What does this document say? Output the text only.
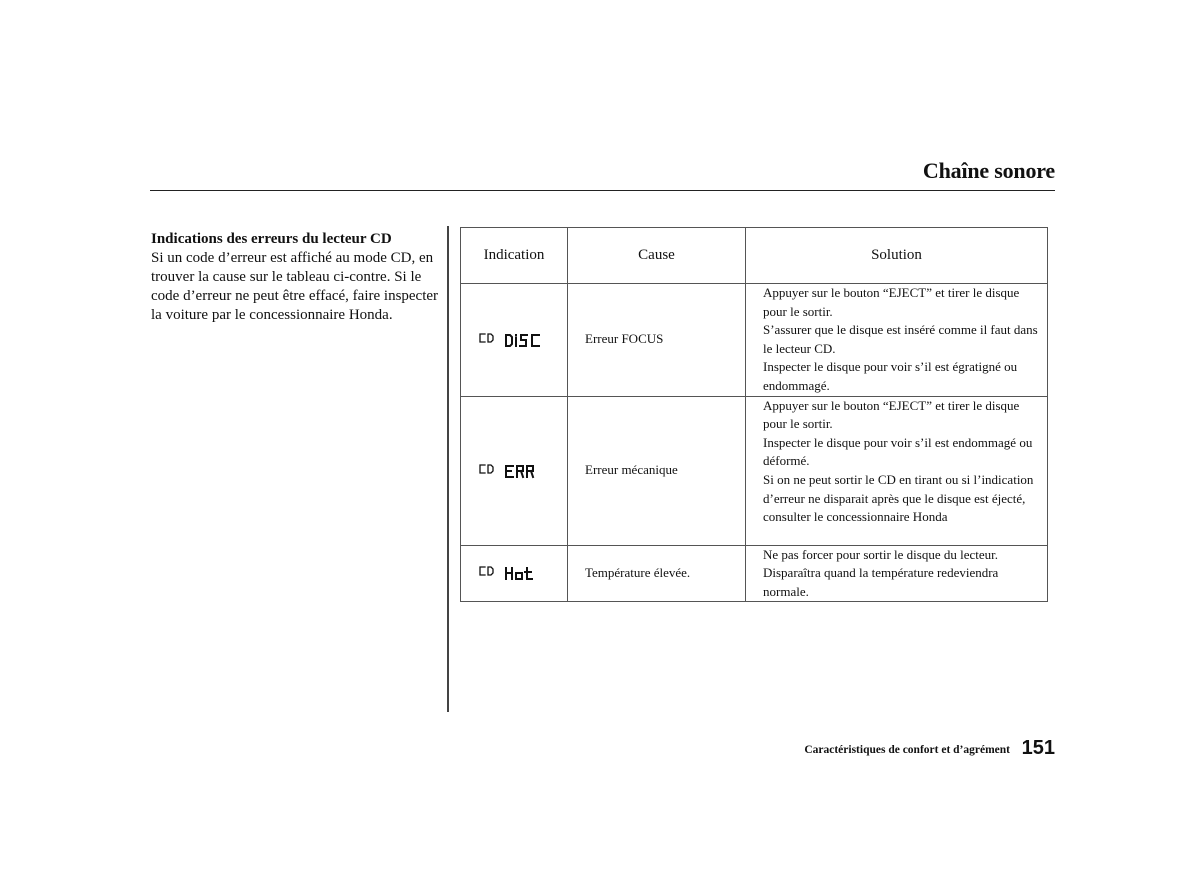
Chaîne sonore
Indications des erreurs du lecteur CD
Si un code d’erreur est affiché au mode CD, en trouver la cause sur le tableau ci-contre. Si le code d’erreur ne peut être effacé, faire inspecter la voiture par le concessionnaire Honda.
Indication	Cause	Solution

	Erreur FOCUS	Appuyer sur le bouton “EJECT” et tirer le disque pour le sortir.
S’assurer que le disque est inséré comme il faut dans le lecteur CD.
Inspecter le disque pour voir s’il est égratigné ou endommagé.

	Erreur mécanique	Appuyer sur le bouton “EJECT” et tirer le disque pour le sortir.
Inspecter le disque pour voir s’il est endommagé ou déformé.
Si on ne peut sortir le CD en tirant ou si l’indication d’erreur ne disparait après que le disque est éjecté, consulter le concessionnaire Honda

	Température élevée.	Ne pas forcer pour sortir le disque du lecteur.
Disparaîtra quand la température redeviendra normale.
Caractéristiques de confort et d’agrément 151
